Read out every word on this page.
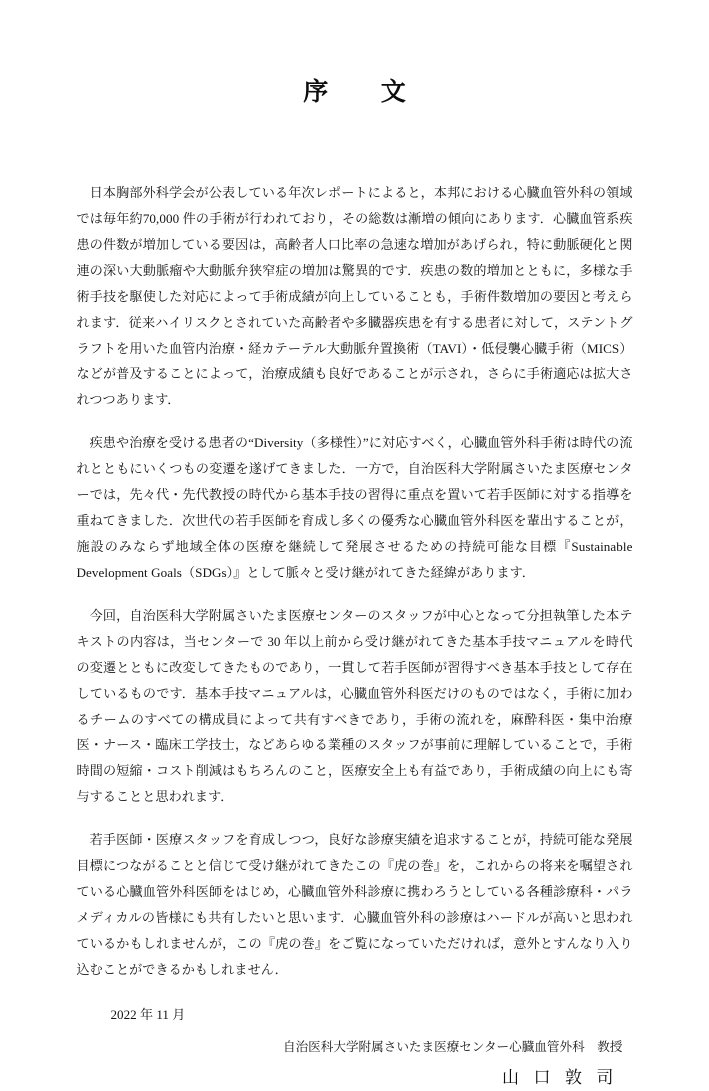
序　文

日本胸部外科学会が公表している年次レポートによると，本邦における心臓血管外科の領域では毎年約70,000 件の手術が行われており，その総数は漸増の傾向にあります．心臓血管系疾患の件数が増加している要因は，高齢者人口比率の急速な増加があげられ，特に動脈硬化と関連の深い大動脈瘤や大動脈弁狭窄症の増加は驚異的です．疾患の数的増加とともに，多様な手術手技を駆使した対応によって手術成績が向上していることも，手術件数増加の要因と考えられます．従来ハイリスクとされていた高齢者や多臓器疾患を有する患者に対して，ステントグラフトを用いた血管内治療・経カテーテル大動脈弁置換術（TAVI）・低侵襲心臓手術（MICS）などが普及することによって，治療成績も良好であることが示され，さらに手術適応は拡大されつつあります．

疾患や治療を受ける患者の“Diversity（多様性）”に対応すべく，心臓血管外科手術は時代の流れとともにいくつもの変遷を遂げてきました．一方で，自治医科大学附属さいたま医療センターでは，先々代・先代教授の時代から基本手技の習得に重点を置いて若手医師に対する指導を重ねてきました．次世代の若手医師を育成し多くの優秀な心臓血管外科医を輩出することが，施設のみならず地域全体の医療を継続して発展させるための持続可能な目標『Sustainable Development Goals（SDGs）』として脈々と受け継がれてきた経緯があります．

今回，自治医科大学附属さいたま医療センターのスタッフが中心となって分担執筆した本テキストの内容は，当センターで 30 年以上前から受け継がれてきた基本手技マニュアルを時代の変遷とともに改変してきたものであり，一貫して若手医師が習得すべき基本手技として存在しているものです．基本手技マニュアルは，心臓血管外科医だけのものではなく，手術に加わるチームのすべての構成員によって共有すべきであり，手術の流れを，麻酔科医・集中治療医・ナース・臨床工学技士，などあらゆる業種のスタッフが事前に理解していることで，手術時間の短縮・コスト削減はもちろんのこと，医療安全上も有益であり，手術成績の向上にも寄与することと思われます．

若手医師・医療スタッフを育成しつつ，良好な診療実績を追求することが，持続可能な発展目標につながることと信じて受け継がれてきたこの『虎の巻』を，これからの将来を嘱望されている心臓血管外科医師をはじめ，心臓血管外科診療に携わろうとしている各種診療科・パラメディカルの皆様にも共有したいと思います．心臓血管外科の診療はハードルが高いと思われているかもしれませんが，この『虎の巻』をご覧になっていただければ，意外とすんなり入り込むことができるかもしれません．

2022 年 11 月

自治医科大学附属さいたま医療センター心臓血管外科　教授

山 口 敦 司
